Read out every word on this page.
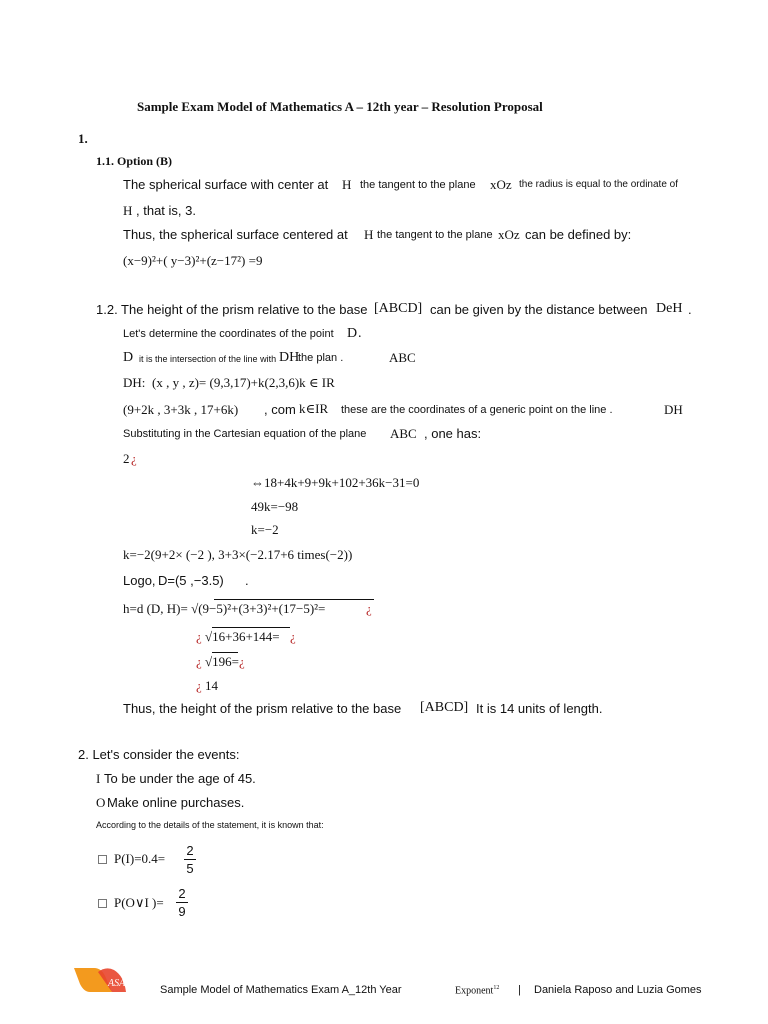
Sample Exam Model of Mathematics A – 12th year – Resolution Proposal
1.
1.1. Option (B)
The spherical surface with center at H the tangent to the plane xOz the radius is equal to the ordinate of
H , that is, 3.
Thus, the spherical surface centered at H the tangent to the plane xOz can be defined by:
(x−9)²+( y−3)²+(z−17²) =9
1.2. The height of the prism relative to the base [ABCD] can be given by the distance between DeH .
Let's determine the coordinates of the point D .
D it is the intersection of the line with DH
the plan .	ABC
DH: (x , y , z)= (9,3,17)+k(2,3,6)k ∈ IR
(9+2k , 3+3k , 17+6k) , com k∈IR these are the coordinates of a generic point on the line .	DH
Substituting in the Cartesian equation of the plane ABC , one has:
2 ¿
⇔18+4k+9+9k+102+36k−31=0
49k=−98
k=−2
k=−2(9+2× (−2 ), 3+3×(−2.17+6 times(−2))
Logo, D=(5 ,−3.5) .
h=d (D, H)= √(9−5)²+(3+3)²+(17−5)²=	¿
¿ √16+36+144= ¿
¿ √196= ¿
¿ 14
Thus, the height of the prism relative to the base [ABCD] It is 14 units of length.
2. Let's consider the events:
I To be under the age of 45.
O Make online purchases.
According to the details of the statement, it is known that:
P(I)=0.4=
2
5
P(O∨I )=
2
9
ASA
Sample Model of Mathematics Exam A_12th Year	Exponent$^{12}$ | Daniela Raposo and Luzia Gomes
